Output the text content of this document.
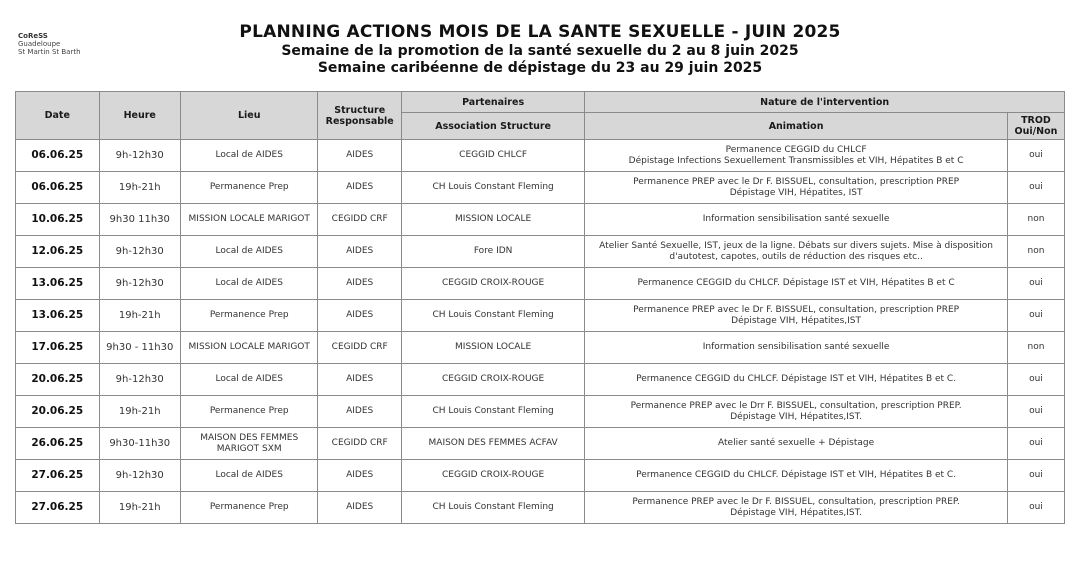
CoReSS
Guadeloupe
St Martin St Barth
PLANNING ACTIONS MOIS DE LA SANTE SEXUELLE - JUIN 2025
Semaine de la promotion de la santé sexuelle du 2 au 8 juin 2025
Semaine caribéenne de dépistage du 23 au 29 juin 2025
Date	Heure	Lieu	Structure Responsable	Partenaires	Nature de l'intervention	
				Association Structure	Animation	TROD Oui/Non
06.06.25	9h-12h30	Local de AIDES	AIDES	CEGGID CHLCF	Permanence CEGGID du CHLCF
Dépistage Infections Sexuellement Transmissibles et VIH, Hépatites B et C	oui
06.06.25	19h-21h	Permanence Prep	AIDES	CH Louis Constant Fleming	Permanence PREP avec le Dr F. BISSUEL, consultation, prescription PREP
Dépistage VIH, Hépatites, IST	oui
10.06.25	9h30 11h30	MISSION LOCALE MARIGOT	CEGIDD CRF	MISSION LOCALE	Information sensibilisation santé sexuelle	non
12.06.25	9h-12h30	Local de AIDES	AIDES	Fore IDN	Atelier Santé Sexuelle, IST, jeux de la ligne. Débats sur divers sujets. Mise à disposition d'autotest, capotes, outils de réduction des risques etc..	non
13.06.25	9h-12h30	Local de AIDES	AIDES	CEGGID CROIX-ROUGE	Permanence CEGGID du CHLCF. Dépistage IST et VIH, Hépatites B et C	oui
13.06.25	19h-21h	Permanence Prep	AIDES	CH Louis Constant Fleming	Permanence PREP avec le Dr F. BISSUEL, consultation, prescription PREP
Dépistage VIH, Hépatites,IST	oui
17.06.25	9h30 - 11h30	MISSION LOCALE MARIGOT	CEGIDD CRF	MISSION LOCALE	Information sensibilisation santé sexuelle	non
20.06.25	9h-12h30	Local de AIDES	AIDES	CEGGID CROIX-ROUGE	Permanence CEGGID du CHLCF. Dépistage IST et VIH, Hépatites B et C.	oui
20.06.25	19h-21h	Permanence Prep	AIDES	CH Louis Constant Fleming	Permanence PREP avec le Drr F. BISSUEL, consultation, prescription PREP.
Dépistage VIH, Hépatites,IST.	oui
26.06.25	9h30-11h30	MAISON DES FEMMES MARIGOT SXM	CEGIDD CRF	MAISON DES FEMMES ACFAV	Atelier santé sexuelle + Dépistage	oui
27.06.25	9h-12h30	Local de AIDES	AIDES	CEGGID CROIX-ROUGE	Permanence CEGGID du CHLCF. Dépistage IST et VIH, Hépatites B et C.	oui
27.06.25	19h-21h	Permanence Prep	AIDES	CH Louis Constant Fleming	Permanence PREP avec le Dr F. BISSUEL, consultation, prescription PREP.
Dépistage VIH, Hépatites,IST.	oui
